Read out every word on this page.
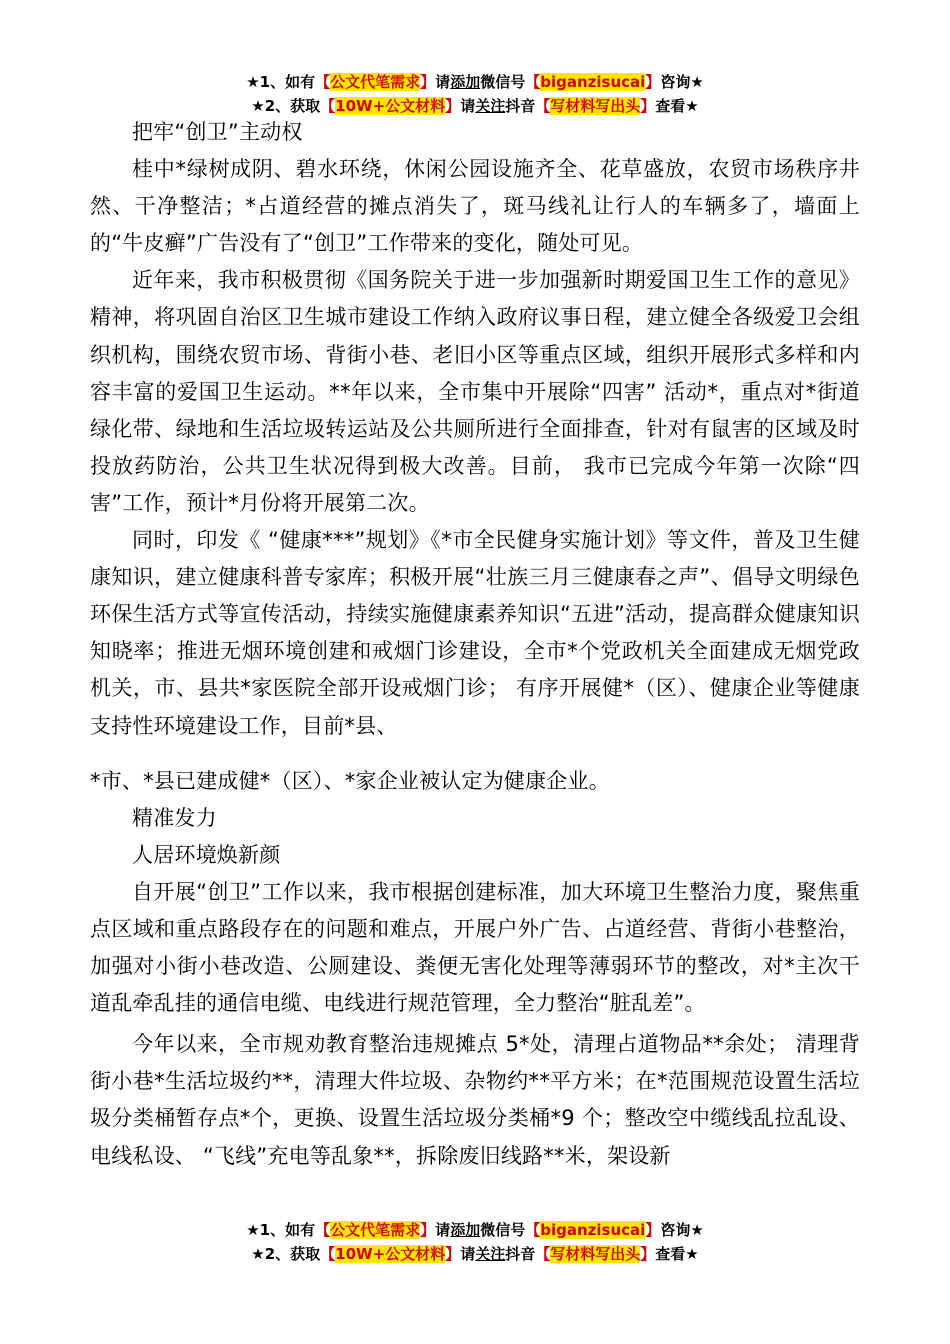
★1、如有【公文代笔需求】请添加微信号【biganzisucai】咨询★
★2、获取【10W+公文材料】请关注抖音【写材料写出头】查看★

把牢“创卫”主动权

桂中*绿树成阴、碧水环绕，休闲公园设施齐全、花草盛放，农贸市场秩序井然、干净整洁；*占道经营的摊点消失了，斑马线礼让行人的车辆多了，墙面上的“牛皮癣”广告没有了“创卫”工作带来的变化，随处可见。

近年来，我市积极贯彻《国务院关于进一步加强新时期爱国卫生工作的意见》精神，将巩固自治区卫生城市建设工作纳入政府议事日程，建立健全各级爱卫会组织机构，围绕农贸市场、背街小巷、老旧小区等重点区域，组织开展形式多样和内容丰富的爱国卫生运动。**年以来，全市集中开展除“四害” 活动*，重点对*街道绿化带、绿地和生活垃圾转运站及公共厕所进行全面排查，针对有鼠害的区域及时投放药防治，公共卫生状况得到极大改善。目前， 我市已完成今年第一次除“四害”工作，预计*月份将开展第二次。

同时，印发《 “健康***”规划》《*市全民健身实施计划》等文件，普及卫生健康知识，建立健康科普专家库；积极开展“壮族三月三健康春之声”、倡导文明绿色环保生活方式等宣传活动，持续实施健康素养知识“五进”活动，提高群众健康知识知晓率；推进无烟环境创建和戒烟门诊建设，全市*个党政机关全面建成无烟党政机关，市、县共*家医院全部开设戒烟门诊； 有序开展健*（区）、健康企业等健康支持性环境建设工作，目前*县、

*市、*县已建成健*（区）、*家企业被认定为健康企业。

精准发力

人居环境焕新颜

自开展“创卫”工作以来，我市根据创建标准，加大环境卫生整治力度，聚焦重点区域和重点路段存在的问题和难点，开展户外广告、占道经营、背街小巷整治，加强对小街小巷改造、公厕建设、粪便无害化处理等薄弱环节的整改，对*主次干道乱牵乱挂的通信电缆、电线进行规范管理，全力整治“脏乱差”。

今年以来，全市规劝教育整治违规摊点 5*处，清理占道物品**余处； 清理背街小巷*生活垃圾约**，清理大件垃圾、杂物约**平方米；在*范围规范设置生活垃圾分类桶暂存点*个，更换、设置生活垃圾分类桶*9 个；整改空中缆线乱拉乱设、电线私设、 “飞线”充电等乱象**，拆除废旧线路**米，架设新

★1、如有【公文代笔需求】请添加微信号【biganzisucai】咨询★
★2、获取【10W+公文材料】请关注抖音【写材料写出头】查看★
